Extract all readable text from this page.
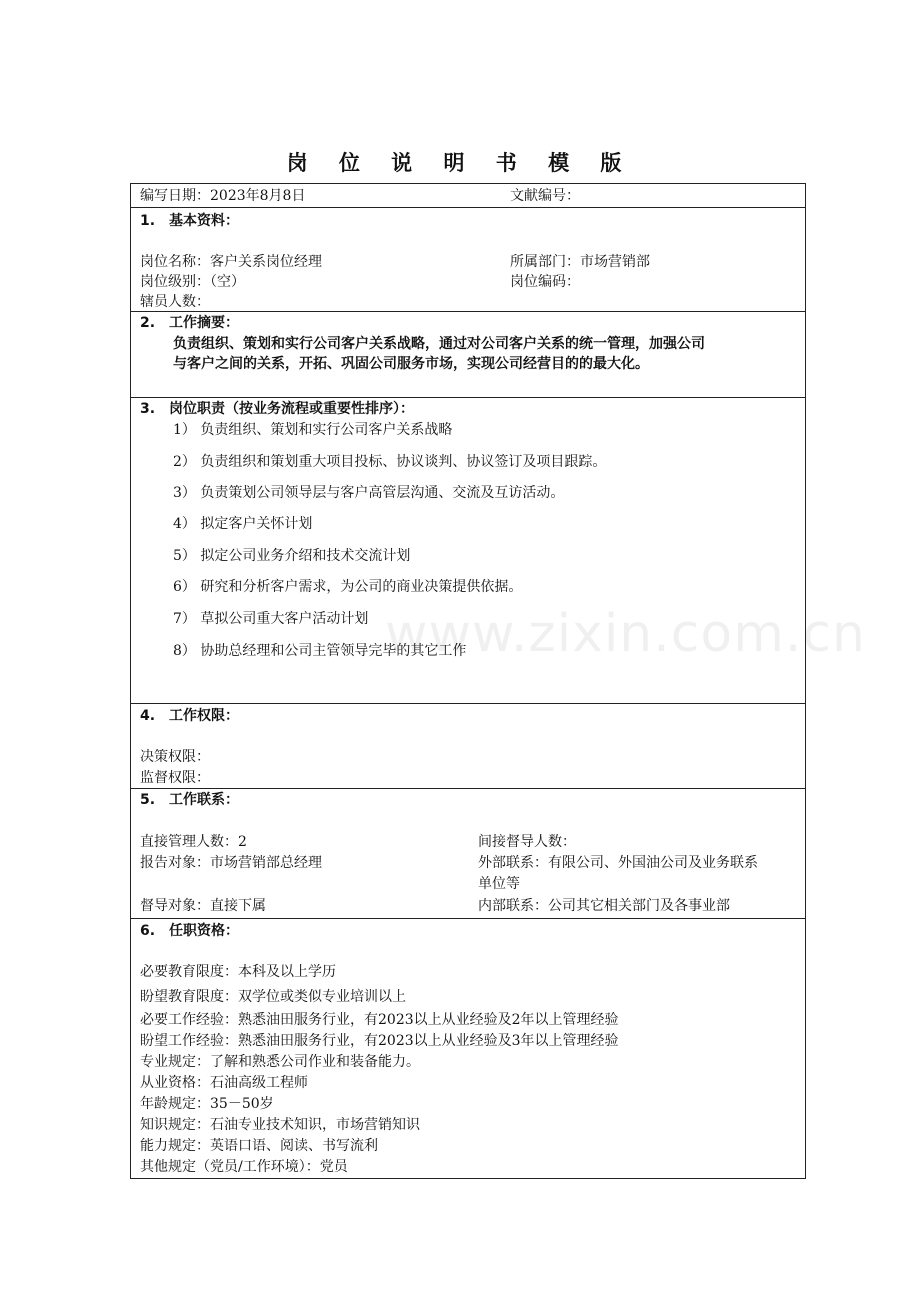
岗 位 说 明 书 模 版
编写日期：2023年8月8日	文献编号：
1.　基本资料：
岗位名称：客户关系岗位经理	所属部门：市场营销部
岗位级别：（空）	岗位编码：
辖员人数：
2.　工作摘要：
负责组织、策划和实行公司客户关系战略，通过对公司客户关系的统一管理，加强公司
与客户之间的关系，开拓、巩固公司服务市场，实现公司经营目的的最大化。
3.　岗位职责（按业务流程或重要性排序）：
1） 负责组织、策划和实行公司客户关系战略
2） 负责组织和策划重大项目投标、协议谈判、协议签订及项目跟踪。
3） 负责策划公司领导层与客户高管层沟通、交流及互访活动。
4） 拟定客户关怀计划
5） 拟定公司业务介绍和技术交流计划
6） 研究和分析客户需求，为公司的商业决策提供依据。
7） 草拟公司重大客户活动计划
8） 协助总经理和公司主管领导完毕的其它工作
4.　工作权限：
决策权限：
监督权限：
5.　工作联系：
直接管理人数：2	间接督导人数：
报告对象：市场营销部总经理	外部联系：有限公司、外国油公司及业务联系
单位等
督导对象：直接下属	内部联系：公司其它相关部门及各事业部
6.　任职资格：
必要教育限度：本科及以上学历
盼望教育限度：双学位或类似专业培训以上
必要工作经验：熟悉油田服务行业，有2023以上从业经验及2年以上管理经验
盼望工作经验：熟悉油田服务行业，有2023以上从业经验及3年以上管理经验
专业规定：了解和熟悉公司作业和装备能力。
从业资格：石油高级工程师
年龄规定：35－50岁
知识规定：石油专业技术知识，市场营销知识
能力规定：英语口语、阅读、书写流利
其他规定（党员/工作环境）：党员
www.zixin.com.cn
